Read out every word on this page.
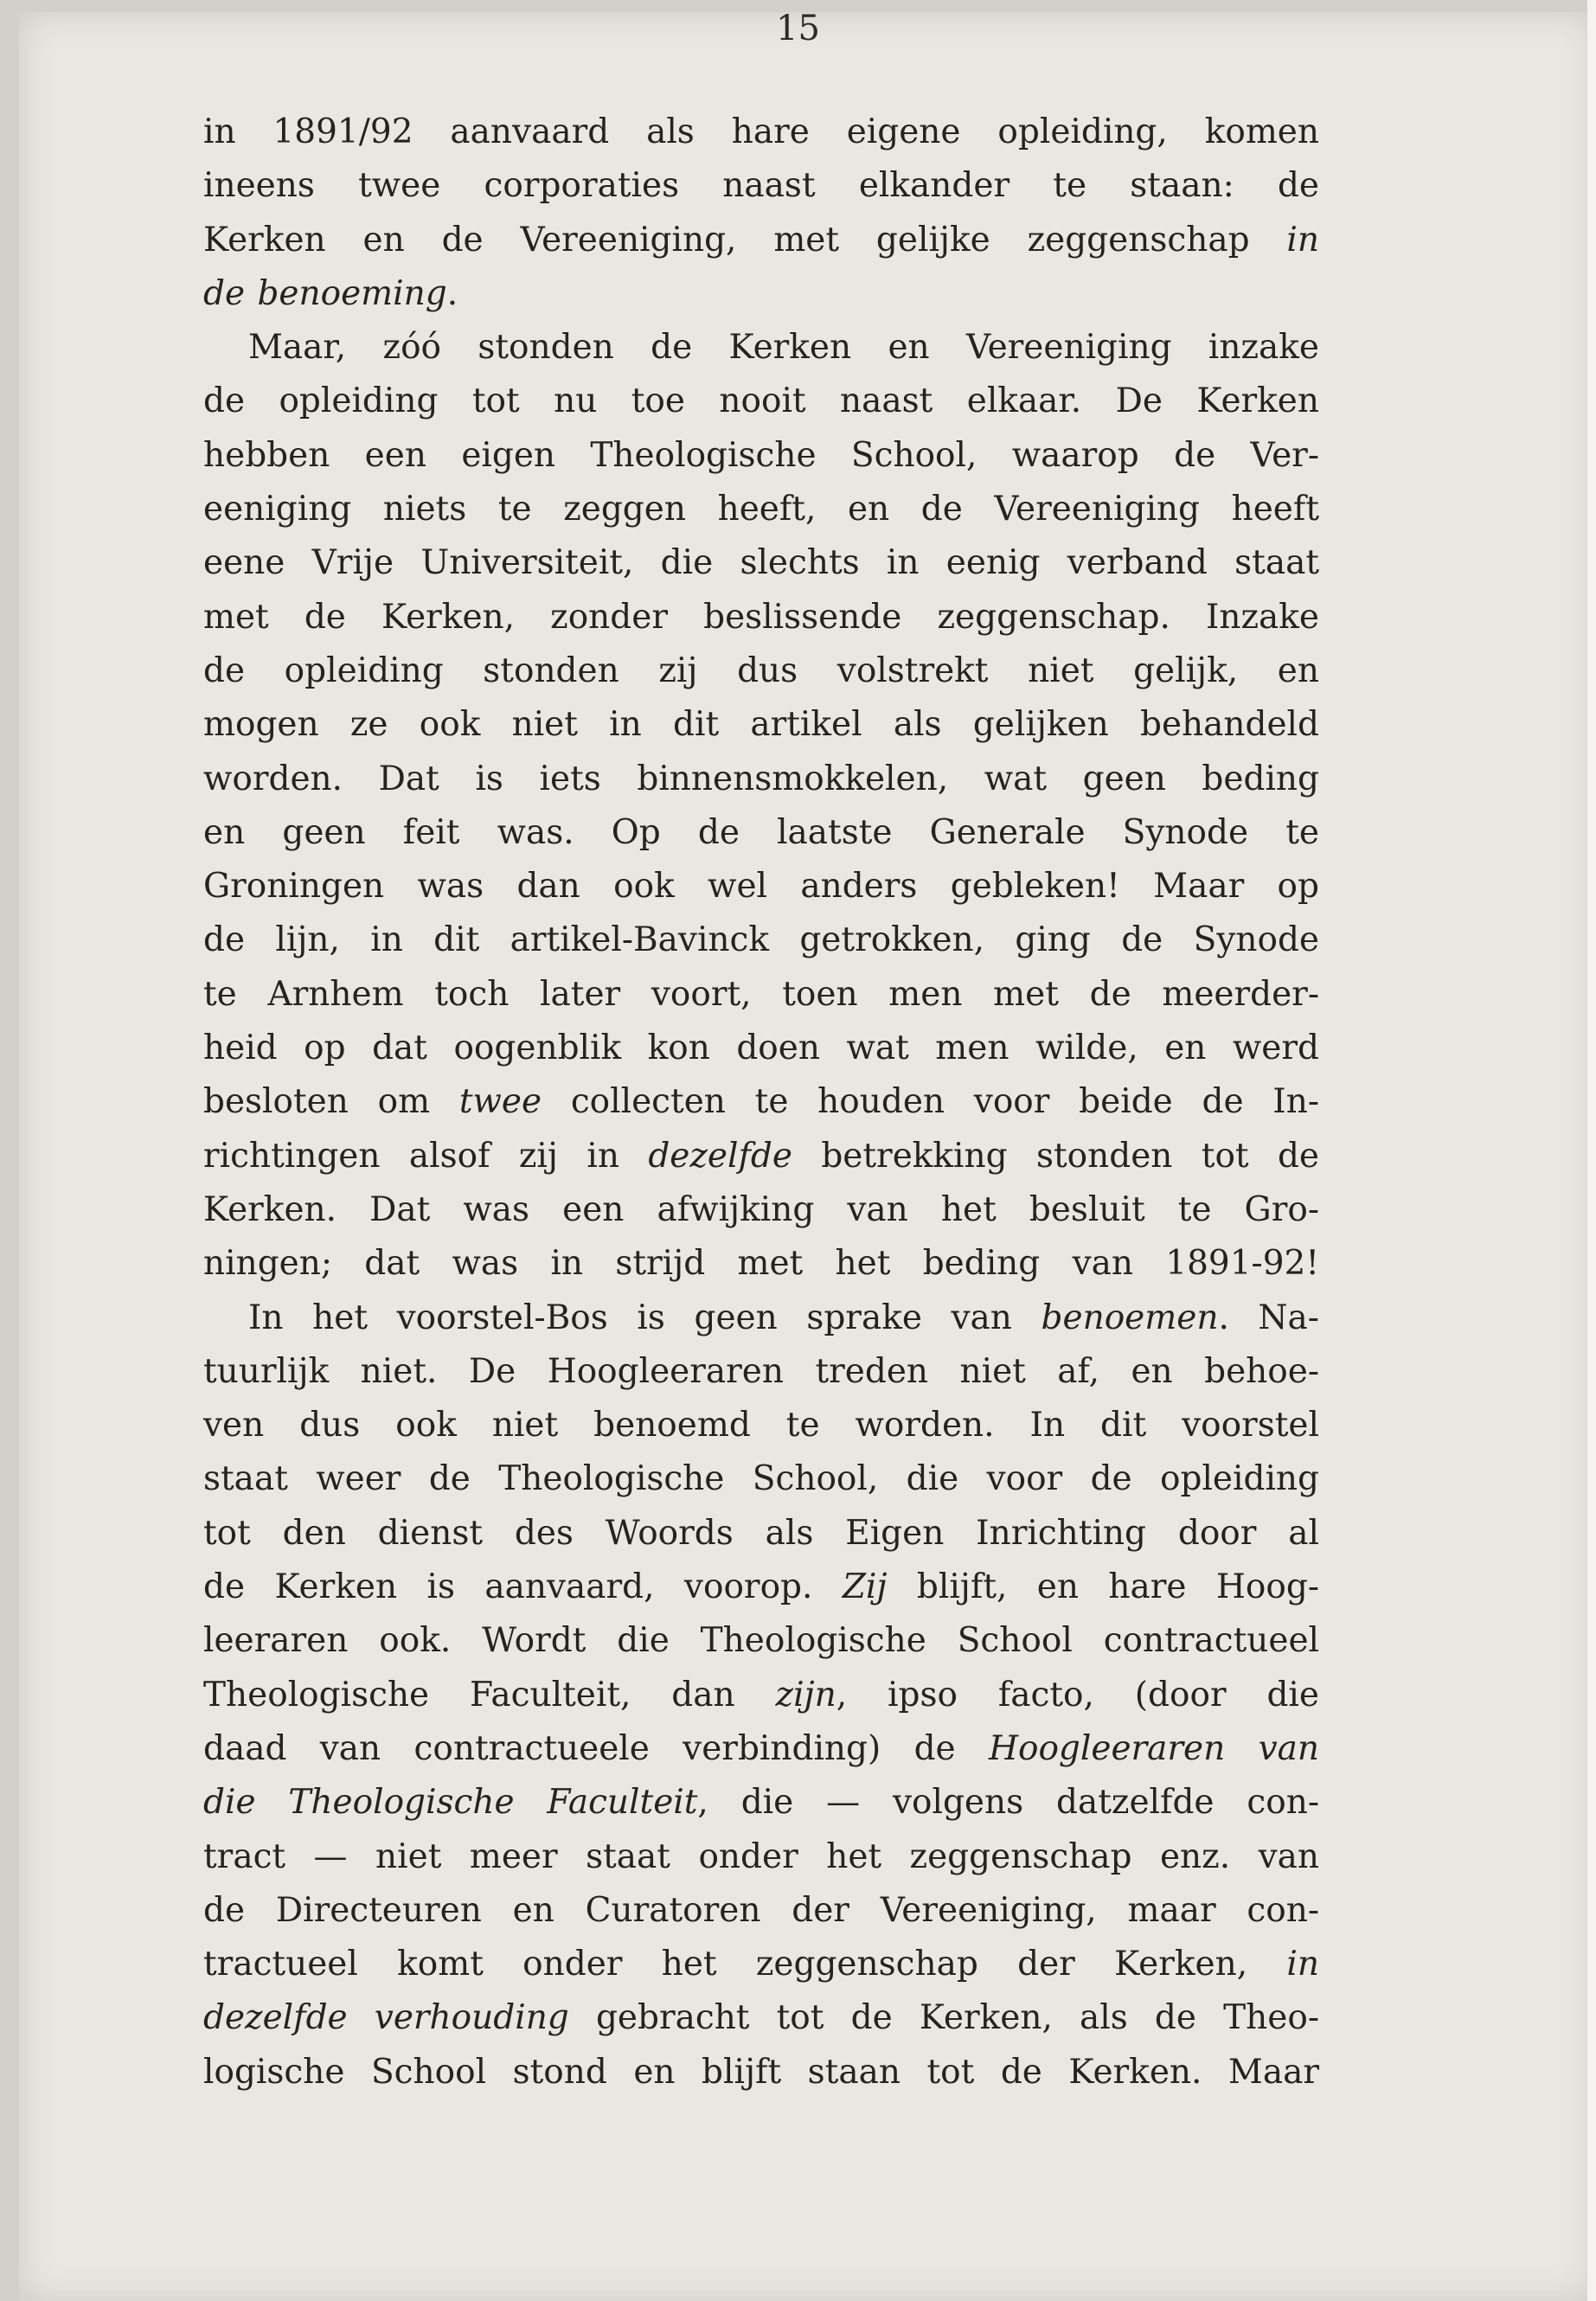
15
in 1891/92 aanvaard als hare eigene opleiding, komen
ineens twee corporaties naast elkander te staan: de
Kerken en de Vereeniging, met gelijke zeggenschap in
de benoeming.
Maar, zóó stonden de Kerken en Vereeniging inzake
de opleiding tot nu toe nooit naast elkaar. De Kerken
hebben een eigen Theologische School, waarop de Ver-
eeniging niets te zeggen heeft, en de Vereeniging heeft
eene Vrije Universiteit, die slechts in eenig verband staat
met de Kerken, zonder beslissende zeggenschap. Inzake
de opleiding stonden zij dus volstrekt niet gelijk, en
mogen ze ook niet in dit artikel als gelijken behandeld
worden. Dat is iets binnensmokkelen, wat geen beding
en geen feit was. Op de laatste Generale Synode te
Groningen was dan ook wel anders gebleken! Maar op
de lijn, in dit artikel-Bavinck getrokken, ging de Synode
te Arnhem toch later voort, toen men met de meerder-
heid op dat oogenblik kon doen wat men wilde, en werd
besloten om twee collecten te houden voor beide de In-
richtingen alsof zij in dezelfde betrekking stonden tot de
Kerken. Dat was een afwijking van het besluit te Gro-
ningen; dat was in strijd met het beding van 1891-92!
In het voorstel-Bos is geen sprake van benoemen. Na-
tuurlijk niet. De Hoogleeraren treden niet af, en behoe-
ven dus ook niet benoemd te worden. In dit voorstel
staat weer de Theologische School, die voor de opleiding
tot den dienst des Woords als Eigen Inrichting door al
de Kerken is aanvaard, voorop. Zij blijft, en hare Hoog-
leeraren ook. Wordt die Theologische School contractueel
Theologische Faculteit, dan zijn, ipso facto, (door die
daad van contractueele verbinding) de Hoogleeraren van
die Theologische Faculteit, die — volgens datzelfde con-
tract — niet meer staat onder het zeggenschap enz. van
de Directeuren en Curatoren der Vereeniging, maar con-
tractueel komt onder het zeggenschap der Kerken, in
dezelfde verhouding gebracht tot de Kerken, als de Theo-
logische School stond en blijft staan tot de Kerken. Maar
